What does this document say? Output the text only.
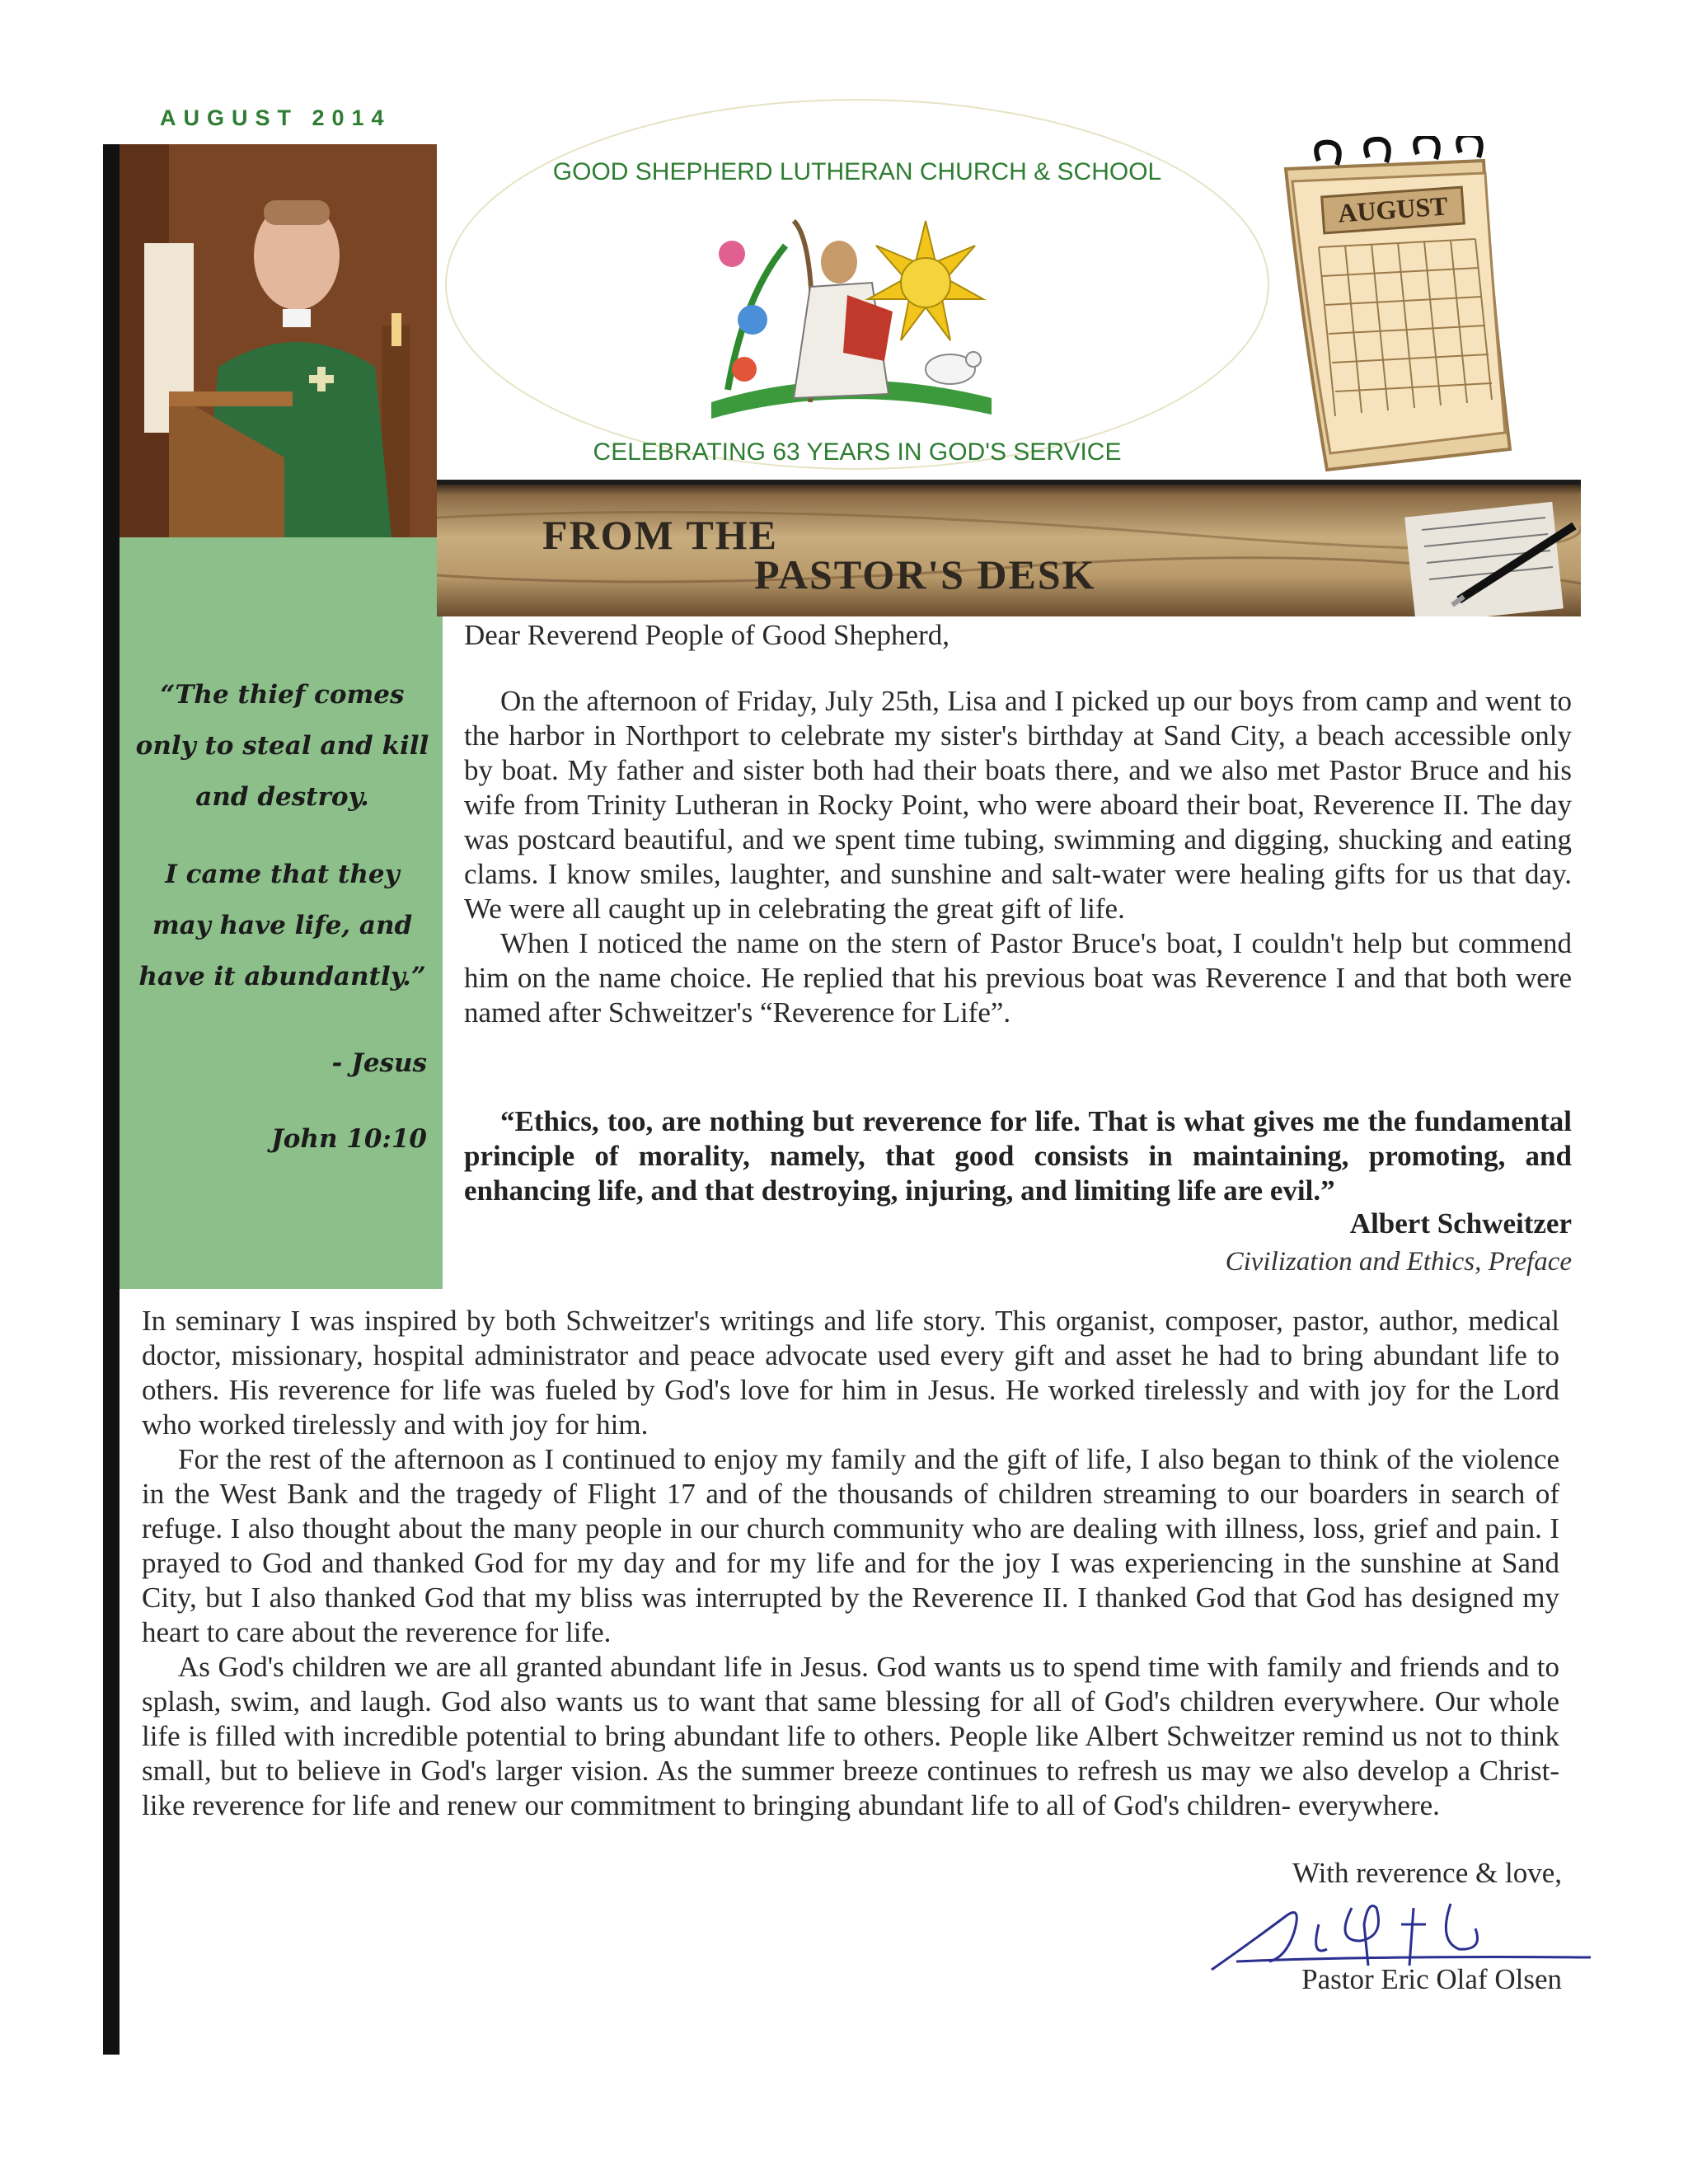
AUGUST 2014
“The thief comes only to steal and kill and destroy.
I came that they may have life, and have it abundantly.”
- Jesus
John 10:10
GOOD SHEPHERD LUTHERAN CHURCH & SCHOOL
CELEBRATING 63 YEARS IN GOD'S SERVICE
AUGUST
FROM THE
PASTOR'S DESK
Dear Reverend People of Good Shepherd,

On the afternoon of Friday, July 25th, Lisa and I picked up our boys from camp and went to the harbor in Northport to celebrate my sister's birthday at Sand City, a beach accessible only by boat. My father and sister both had their boats there, and we also met Pastor Bruce and his wife from Trinity Lutheran in Rocky Point, who were aboard their boat, Reverence II. The day was postcard beautiful, and we spent time tubing, swimming and digging, shucking and eating clams. I know smiles, laughter, and sunshine and salt-water were healing gifts for us that day. We were all caught up in celebrating the great gift of life.

When I noticed the name on the stern of Pastor Bruce's boat, I couldn't help but commend him on the name choice. He replied that his previous boat was Reverence I and that both were named after Schweitzer's “Reverence for Life”.

“Ethics, too, are nothing but reverence for life. That is what gives me the fundamental principle of morality, namely, that good consists in maintaining, promoting, and enhancing life, and that destroying, injuring, and limiting life are evil.”
Albert Schweitzer
Civilization and Ethics, Preface

In seminary I was inspired by both Schweitzer's writings and life story. This organist, composer, pastor, author, medical doctor, missionary, hospital administrator and peace advocate used every gift and asset he had to bring abundant life to others. His reverence for life was fueled by God's love for him in Jesus. He worked tirelessly and with joy for the Lord who worked tirelessly and with joy for him.

For the rest of the afternoon as I continued to enjoy my family and the gift of life, I also began to think of the violence in the West Bank and the tragedy of Flight 17 and of the thousands of children streaming to our boarders in search of refuge. I also thought about the many people in our church community who are dealing with illness, loss, grief and pain. I prayed to God and thanked God for my day and for my life and for the joy I was experiencing in the sunshine at Sand City, but I also thanked God that my bliss was interrupted by the Reverence II. I thanked God that God has designed my heart to care about the reverence for life.

As God's children we are all granted abundant life in Jesus. God wants us to spend time with family and friends and to splash, swim, and laugh. God also wants us to want that same blessing for all of God's children everywhere. Our whole life is filled with incredible potential to bring abundant life to others. People like Albert Schweitzer remind us not to think small, but to believe in God's larger vision. As the summer breeze continues to refresh us may we also develop a Christ-like reverence for life and renew our commitment to bringing abundant life to all of God's children- everywhere.

With reverence & love,
Pastor Eric Olaf Olsen
